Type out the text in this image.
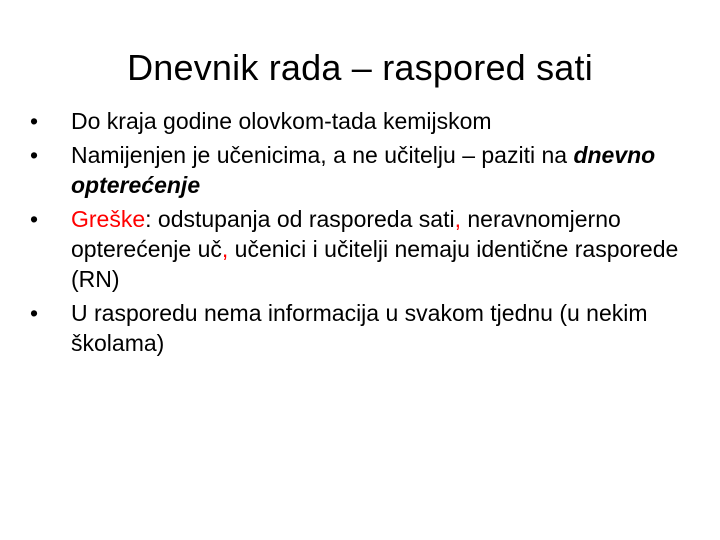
Dnevnik rada – raspored sati
•	Do kraja godine olovkom-tada kemijskom
•	Namijenjen je učenicima, a ne učitelju – paziti na dnevno opterećenje
•	Greške: odstupanja od rasporeda sati, neravnomjerno opterećenje uč, učenici i učitelji nemaju identične rasporede (RN)
•	U rasporedu nema informacija u svakom tjednu (u nekim školama)
